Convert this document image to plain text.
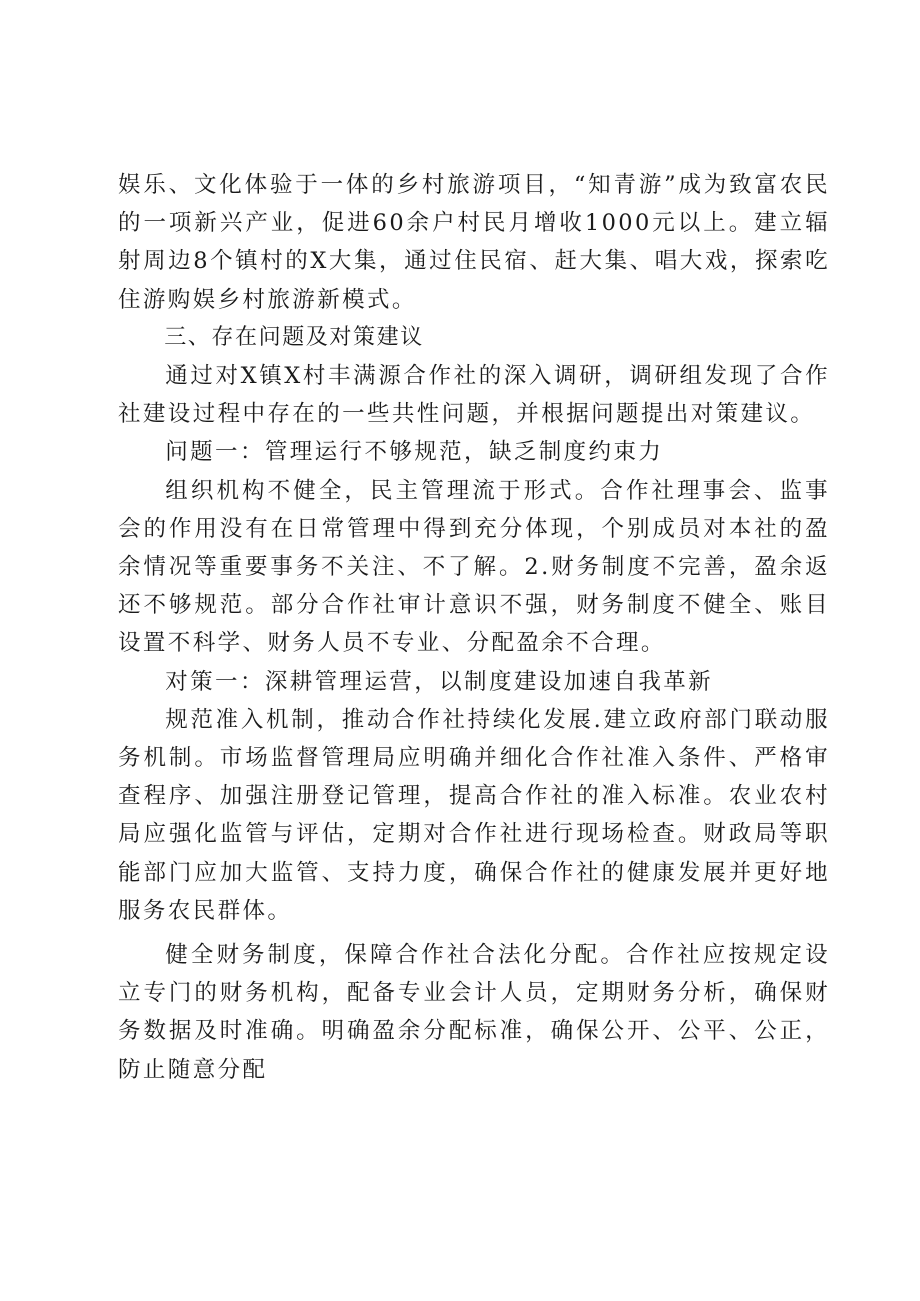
娱乐、文化体验于一体的乡村旅游项目，“知青游”成为致富农民的一项新兴产业，促进60余户村民月增收1000元以上。建立辐射周边8个镇村的X大集，通过住民宿、赶大集、唱大戏，探索吃住游购娱乡村旅游新模式。

三、存在问题及对策建议

通过对X镇X村丰满源合作社的深入调研，调研组发现了合作社建设过程中存在的一些共性问题，并根据问题提出对策建议。

问题一：管理运行不够规范，缺乏制度约束力

组织机构不健全，民主管理流于形式。合作社理事会、监事会的作用没有在日常管理中得到充分体现，个别成员对本社的盈余情况等重要事务不关注、不了解。2.财务制度不完善，盈余返还不够规范。部分合作社审计意识不强，财务制度不健全、账目设置不科学、财务人员不专业、分配盈余不合理。

对策一：深耕管理运营，以制度建设加速自我革新

规范准入机制，推动合作社持续化发展.建立政府部门联动服务机制。市场监督管理局应明确并细化合作社准入条件、严格审查程序、加强注册登记管理，提高合作社的准入标准。农业农村局应强化监管与评估，定期对合作社进行现场检查。财政局等职能部门应加大监管、支持力度，确保合作社的健康发展并更好地服务农民群体。

健全财务制度，保障合作社合法化分配。合作社应按规定设立专门的财务机构，配备专业会计人员，定期财务分析，确保财务数据及时准确。明确盈余分配标准，确保公开、公平、公正，防止随意分配
